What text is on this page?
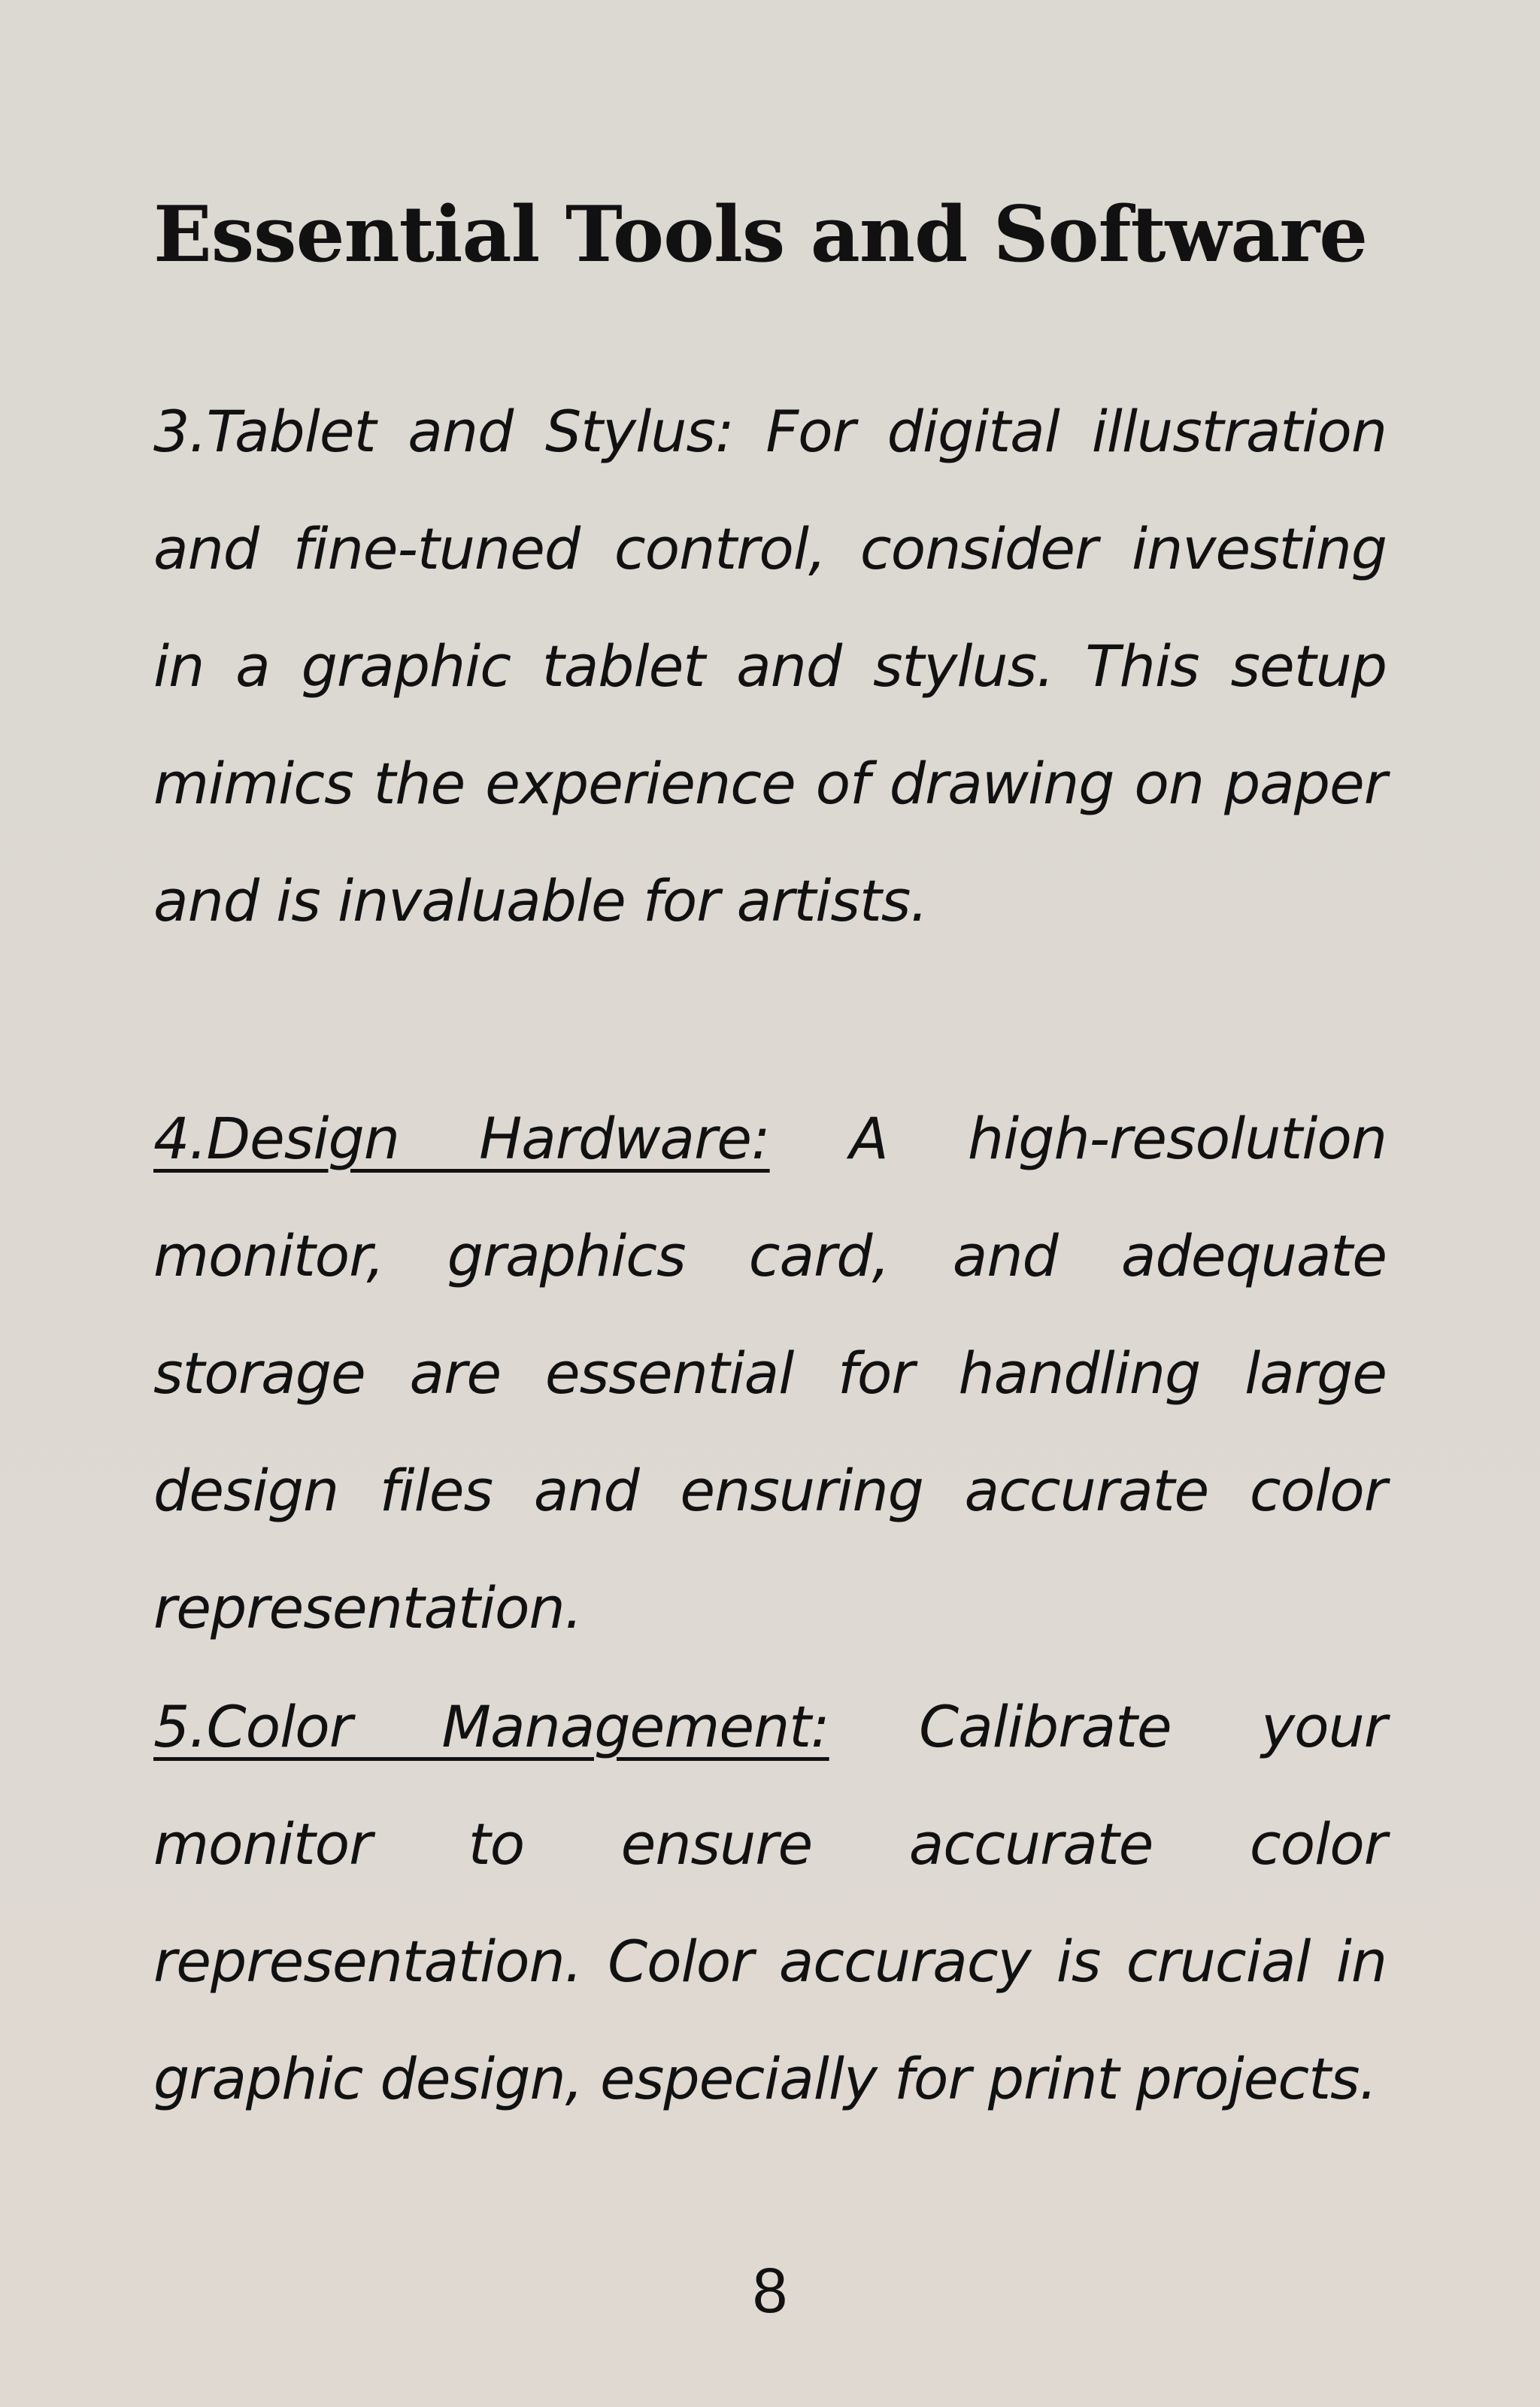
Essential Tools and Software

3.Tablet and Stylus: For digital illustration and fine-tuned control, consider investing in a graphic tablet and stylus. This setup mimics the experience of drawing on paper and is invaluable for artists.

4.Design Hardware: A high-resolution monitor, graphics card, and adequate storage are essential for handling large design files and ensuring accurate color representation.

5.Color Management: Calibrate your monitor to ensure accurate color representation. Color accuracy is crucial in graphic design, especially for print projects.

8
